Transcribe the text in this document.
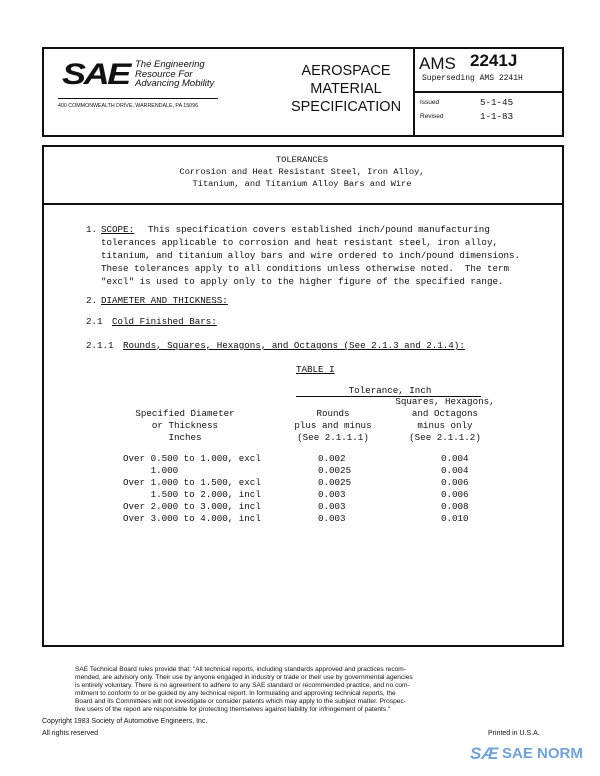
SAE The Engineering
Resource For
Advancing Mobility
400 COMMONWEALTH DRIVE, WARRENDALE, PA 15096
AEROSPACE
MATERIAL
SPECIFICATION
AMS 2241J
Superseding AMS 2241H
Issued	5-1-45
Revised	1-1-83
TOLERANCES
Corrosion and Heat Resistant Steel, Iron Alloy,
Titanium, and Titanium Alloy Bars and Wire
1. SCOPE: This specification covers established inch/pound manufacturing
tolerances applicable to corrosion and heat resistant steel, iron alloy,
titanium, and titanium alloy bars and wire ordered to inch/pound dimensions.
These tolerances apply to all conditions unless otherwise noted.  The term
"excl" is used to apply only to the higher figure of the specified range.
2. DIAMETER AND THICKNESS:
2.1 Cold Finished Bars:
2.1.1 Rounds, Squares, Hexagons, and Octagons (See 2.1.3 and 2.1.4):
TABLE I
Tolerance, Inch
Specified Diameter
or Thickness
Inches
Rounds
plus and minus
(See 2.1.1.1)
Squares, Hexagons,
and Octagons
minus only
(See 2.1.1.2)
Over 0.500 to 1.000, excl	0.002	0.004
1.000	0.0025	0.004
Over 1.000 to 1.500, excl	0.0025	0.006
1.500 to 2.000, incl	0.003	0.006
Over 2.000 to 3.000, incl	0.003	0.008
Over 3.000 to 4.000, incl	0.003	0.010

SAE Technical Board rules provide that: "All technical reports, including standards approved and practices recom-
mended, are advisory only. Their use by anyone engaged in industry or trade or their use by governmental agencies
is entirely voluntary. There is no agreement to adhere to any SAE standard or recommended practice, and no com-
mitment to conform to or be guided by any technical report. In formulating and approving technical reports, the
Board and its Committees will not investigate or consider patents which may apply to the subject matter. Prospec-
tive users of the report are responsible for protecting themselves against liability for infringement of patents."

Copyright 1983 Society of Automotive Engineers, Inc.
All rights reserved	Printed in U.S.A.
SÆ SAE NORM
